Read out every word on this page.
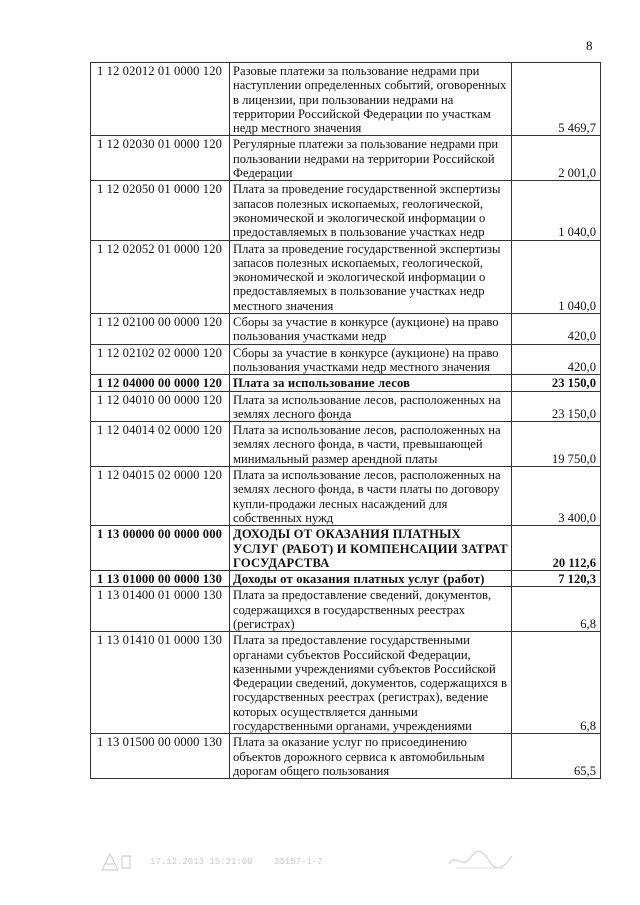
8
1 12 02012 01 0000 120	Разовые платежи за пользование недрами при наступлении определенных событий, оговоренных в лицензии, при пользовании недрами на территории Российской Федерации по участкам недр местного значения	5 469,7
1 12 02030 01 0000 120	Регулярные платежи за пользование недрами при пользовании недрами на территории Российской Федерации	2 001,0
1 12 02050 01 0000 120	Плата за проведение государственной экспертизы запасов полезных ископаемых, геологической, экономической и экологической информации о предоставляемых в пользование участках недр	1 040,0
1 12 02052 01 0000 120	Плата за проведение государственной экспертизы запасов полезных ископаемых, геологической, экономической и экологической информации о предоставляемых в пользование участках недр местного значения	1 040,0
1 12 02100 00 0000 120	Сборы за участие в конкурсе (аукционе) на право пользования участками недр	420,0
1 12 02102 02 0000 120	Сборы за участие в конкурсе (аукционе) на право пользования участками недр местного значения	420,0
1 12 04000 00 0000 120	Плата за использование лесов	23 150,0
1 12 04010 00 0000 120	Плата за использование лесов, расположенных на землях лесного фонда	23 150,0
1 12 04014 02 0000 120	Плата за использование лесов, расположенных на землях лесного фонда, в части, превышающей минимальный размер арендной платы	19 750,0
1 12 04015 02 0000 120	Плата за использование лесов, расположенных на землях лесного фонда, в части платы по договору купли-продажи лесных насаждений для собственных нужд	3 400,0
1 13 00000 00 0000 000	ДОХОДЫ ОТ ОКАЗАНИЯ ПЛАТНЫХ УСЛУГ (РАБОТ) И КОМПЕНСАЦИИ ЗАТРАТ ГОСУДАРСТВА	20 112,6
1 13 01000 00 0000 130	Доходы от оказания платных услуг (работ)	7 120,3
1 13 01400 01 0000 130	Плата за предоставление сведений, документов, содержащихся в государственных реестрах (регистрах)	6,8
1 13 01410 01 0000 130	Плата за предоставление государственными органами субъектов Российской Федерации, казенными учреждениями субъектов Российской Федерации сведений, документов, содержащихся в государственных реестрах (регистрах), ведение которых осуществляется данными государственными органами, учреждениями	6,8
1 13 01500 00 0000 130	Плата за оказание услуг по присоединению объектов дорожного сервиса к автомобильным дорогам общего пользования	65,5
17.12.2013 15:21:00 33157-1-7
